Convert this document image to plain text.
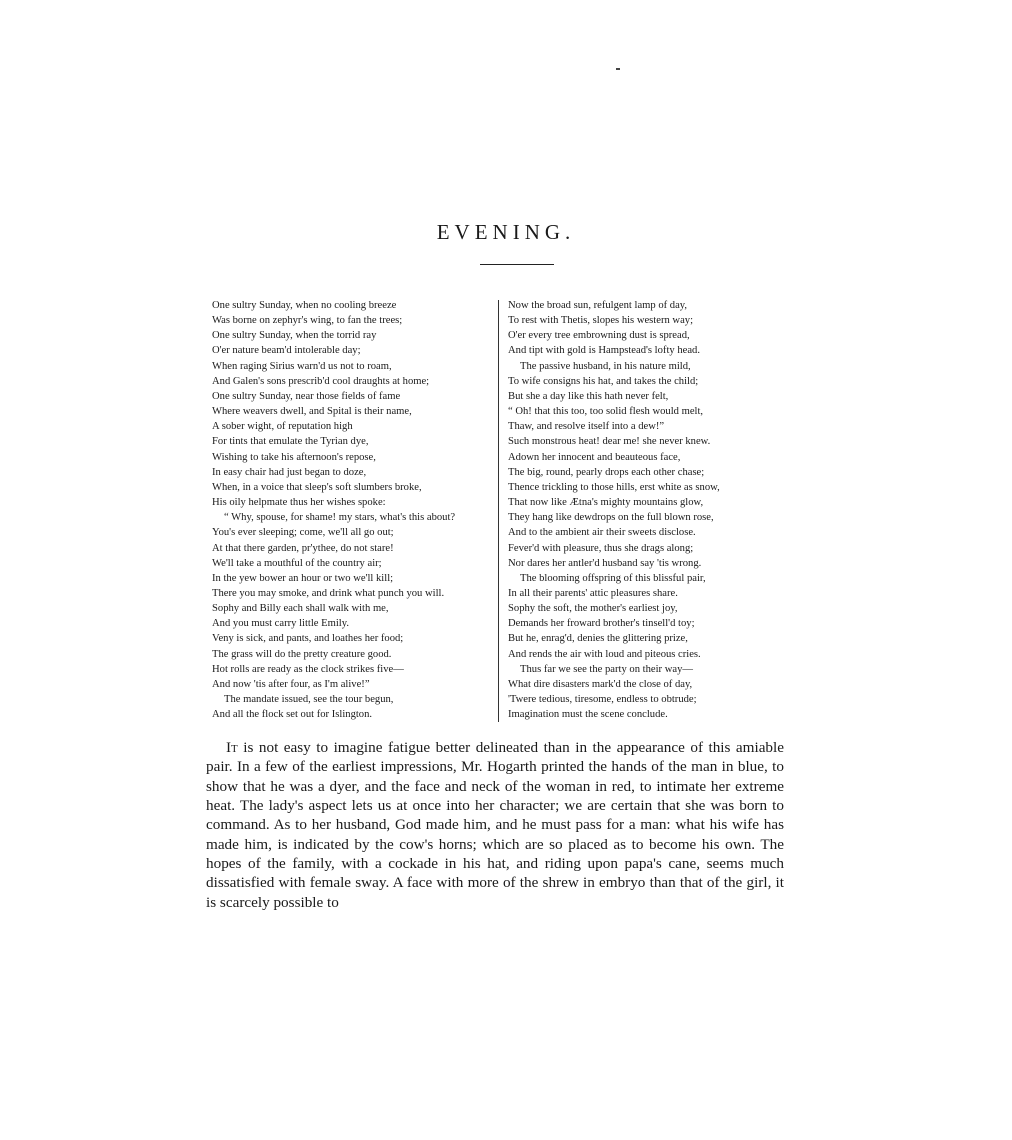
EVENING.
One sultry Sunday, when no cooling breeze
Was borne on zephyr's wing, to fan the trees;
One sultry Sunday, when the torrid ray
O'er nature beam'd intolerable day;
When raging Sirius warn'd us not to roam,
And Galen's sons prescrib'd cool draughts at home;
One sultry Sunday, near those fields of fame
Where weavers dwell, and Spital is their name,
A sober wight, of reputation high
For tints that emulate the Tyrian dye,
Wishing to take his afternoon's repose,
In easy chair had just began to doze,
When, in a voice that sleep's soft slumbers broke,
His oily helpmate thus her wishes spoke:
“ Why, spouse, for shame! my stars, what's this about?
You's ever sleeping; come, we'll all go out;
At that there garden, pr'ythee, do not stare!
We'll take a mouthful of the country air;
In the yew bower an hour or two we'll kill;
There you may smoke, and drink what punch you will.
Sophy and Billy each shall walk with me,
And you must carry little Emily.
Veny is sick, and pants, and loathes her food;
The grass will do the pretty creature good.
Hot rolls are ready as the clock strikes five—
And now 'tis after four, as I'm alive!”
The mandate issued, see the tour begun,
And all the flock set out for Islington.
Now the broad sun, refulgent lamp of day,
To rest with Thetis, slopes his western way;
O'er every tree embrowning dust is spread,
And tipt with gold is Hampstead's lofty head.
The passive husband, in his nature mild,
To wife consigns his hat, and takes the child;
But she a day like this hath never felt,
“ Oh! that this too, too solid flesh would melt,
Thaw, and resolve itself into a dew!”
Such monstrous heat! dear me! she never knew.
Adown her innocent and beauteous face,
The big, round, pearly drops each other chase;
Thence trickling to those hills, erst white as snow,
That now like Ætna's mighty mountains glow,
They hang like dewdrops on the full blown rose,
And to the ambient air their sweets disclose.
Fever'd with pleasure, thus she drags along;
Nor dares her antler'd husband say 'tis wrong.
The blooming offspring of this blissful pair,
In all their parents' attic pleasures share.
Sophy the soft, the mother's earliest joy,
Demands her froward brother's tinsell'd toy;
But he, enrag'd, denies the glittering prize,
And rends the air with loud and piteous cries.
Thus far we see the party on their way—
What dire disasters mark'd the close of day,
'Twere tedious, tiresome, endless to obtrude;
Imagination must the scene conclude.

It is not easy to imagine fatigue better delineated than in the appearance of this amiable pair. In a few of the earliest impressions, Mr. Hogarth printed the hands of the man in blue, to show that he was a dyer, and the face and neck of the woman in red, to intimate her extreme heat. The lady's aspect lets us at once into her character; we are certain that she was born to command. As to her husband, God made him, and he must pass for a man: what his wife has made him, is indicated by the cow's horns; which are so placed as to become his own. The hopes of the family, with a cockade in his hat, and riding upon papa's cane, seems much dissatisfied with female sway. A face with more of the shrew in embryo than that of the girl, it is scarcely possible to
